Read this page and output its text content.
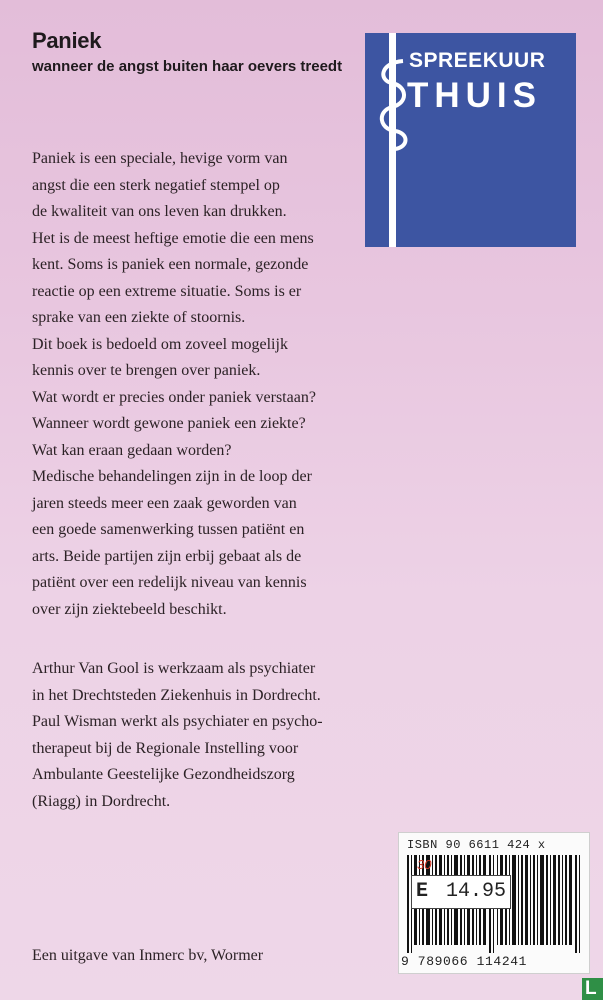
Paniek
wanneer de angst buiten haar oevers treedt	SPREEKUUR
THUIS
Paniek is een speciale, hevige vorm van
angst die een sterk negatief stempel op
de kwaliteit van ons leven kan drukken.
Het is de meest heftige emotie die een mens
kent. Soms is paniek een normale, gezonde
reactie op een extreme situatie. Soms is er
sprake van een ziekte of stoornis.
Dit boek is bedoeld om zoveel mogelijk
kennis over te brengen over paniek.
Wat wordt er precies onder paniek verstaan?
Wanneer wordt gewone paniek een ziekte?
Wat kan eraan gedaan worden?
Medische behandelingen zijn in de loop der
jaren steeds meer een zaak geworden van
een goede samenwerking tussen patiënt en
arts. Beide partijen zijn erbij gebaat als de
patiënt over een redelijk niveau van kennis
over zijn ziektebeeld beschikt.
Arthur Van Gool is werkzaam als psychiater
in het Drechtsteden Ziekenhuis in Dordrecht.
Paul Wisman werkt als psychiater en psycho-
therapeut bij de Regionale Instelling voor
Ambulante Geestelijke Gezondheidszorg
(Riagg) in Dordrecht.
Een uitgave van Inmerc bv, Wormer
ISBN 90 6611 424 x
E 14.95
30
9 789066 114241
L
